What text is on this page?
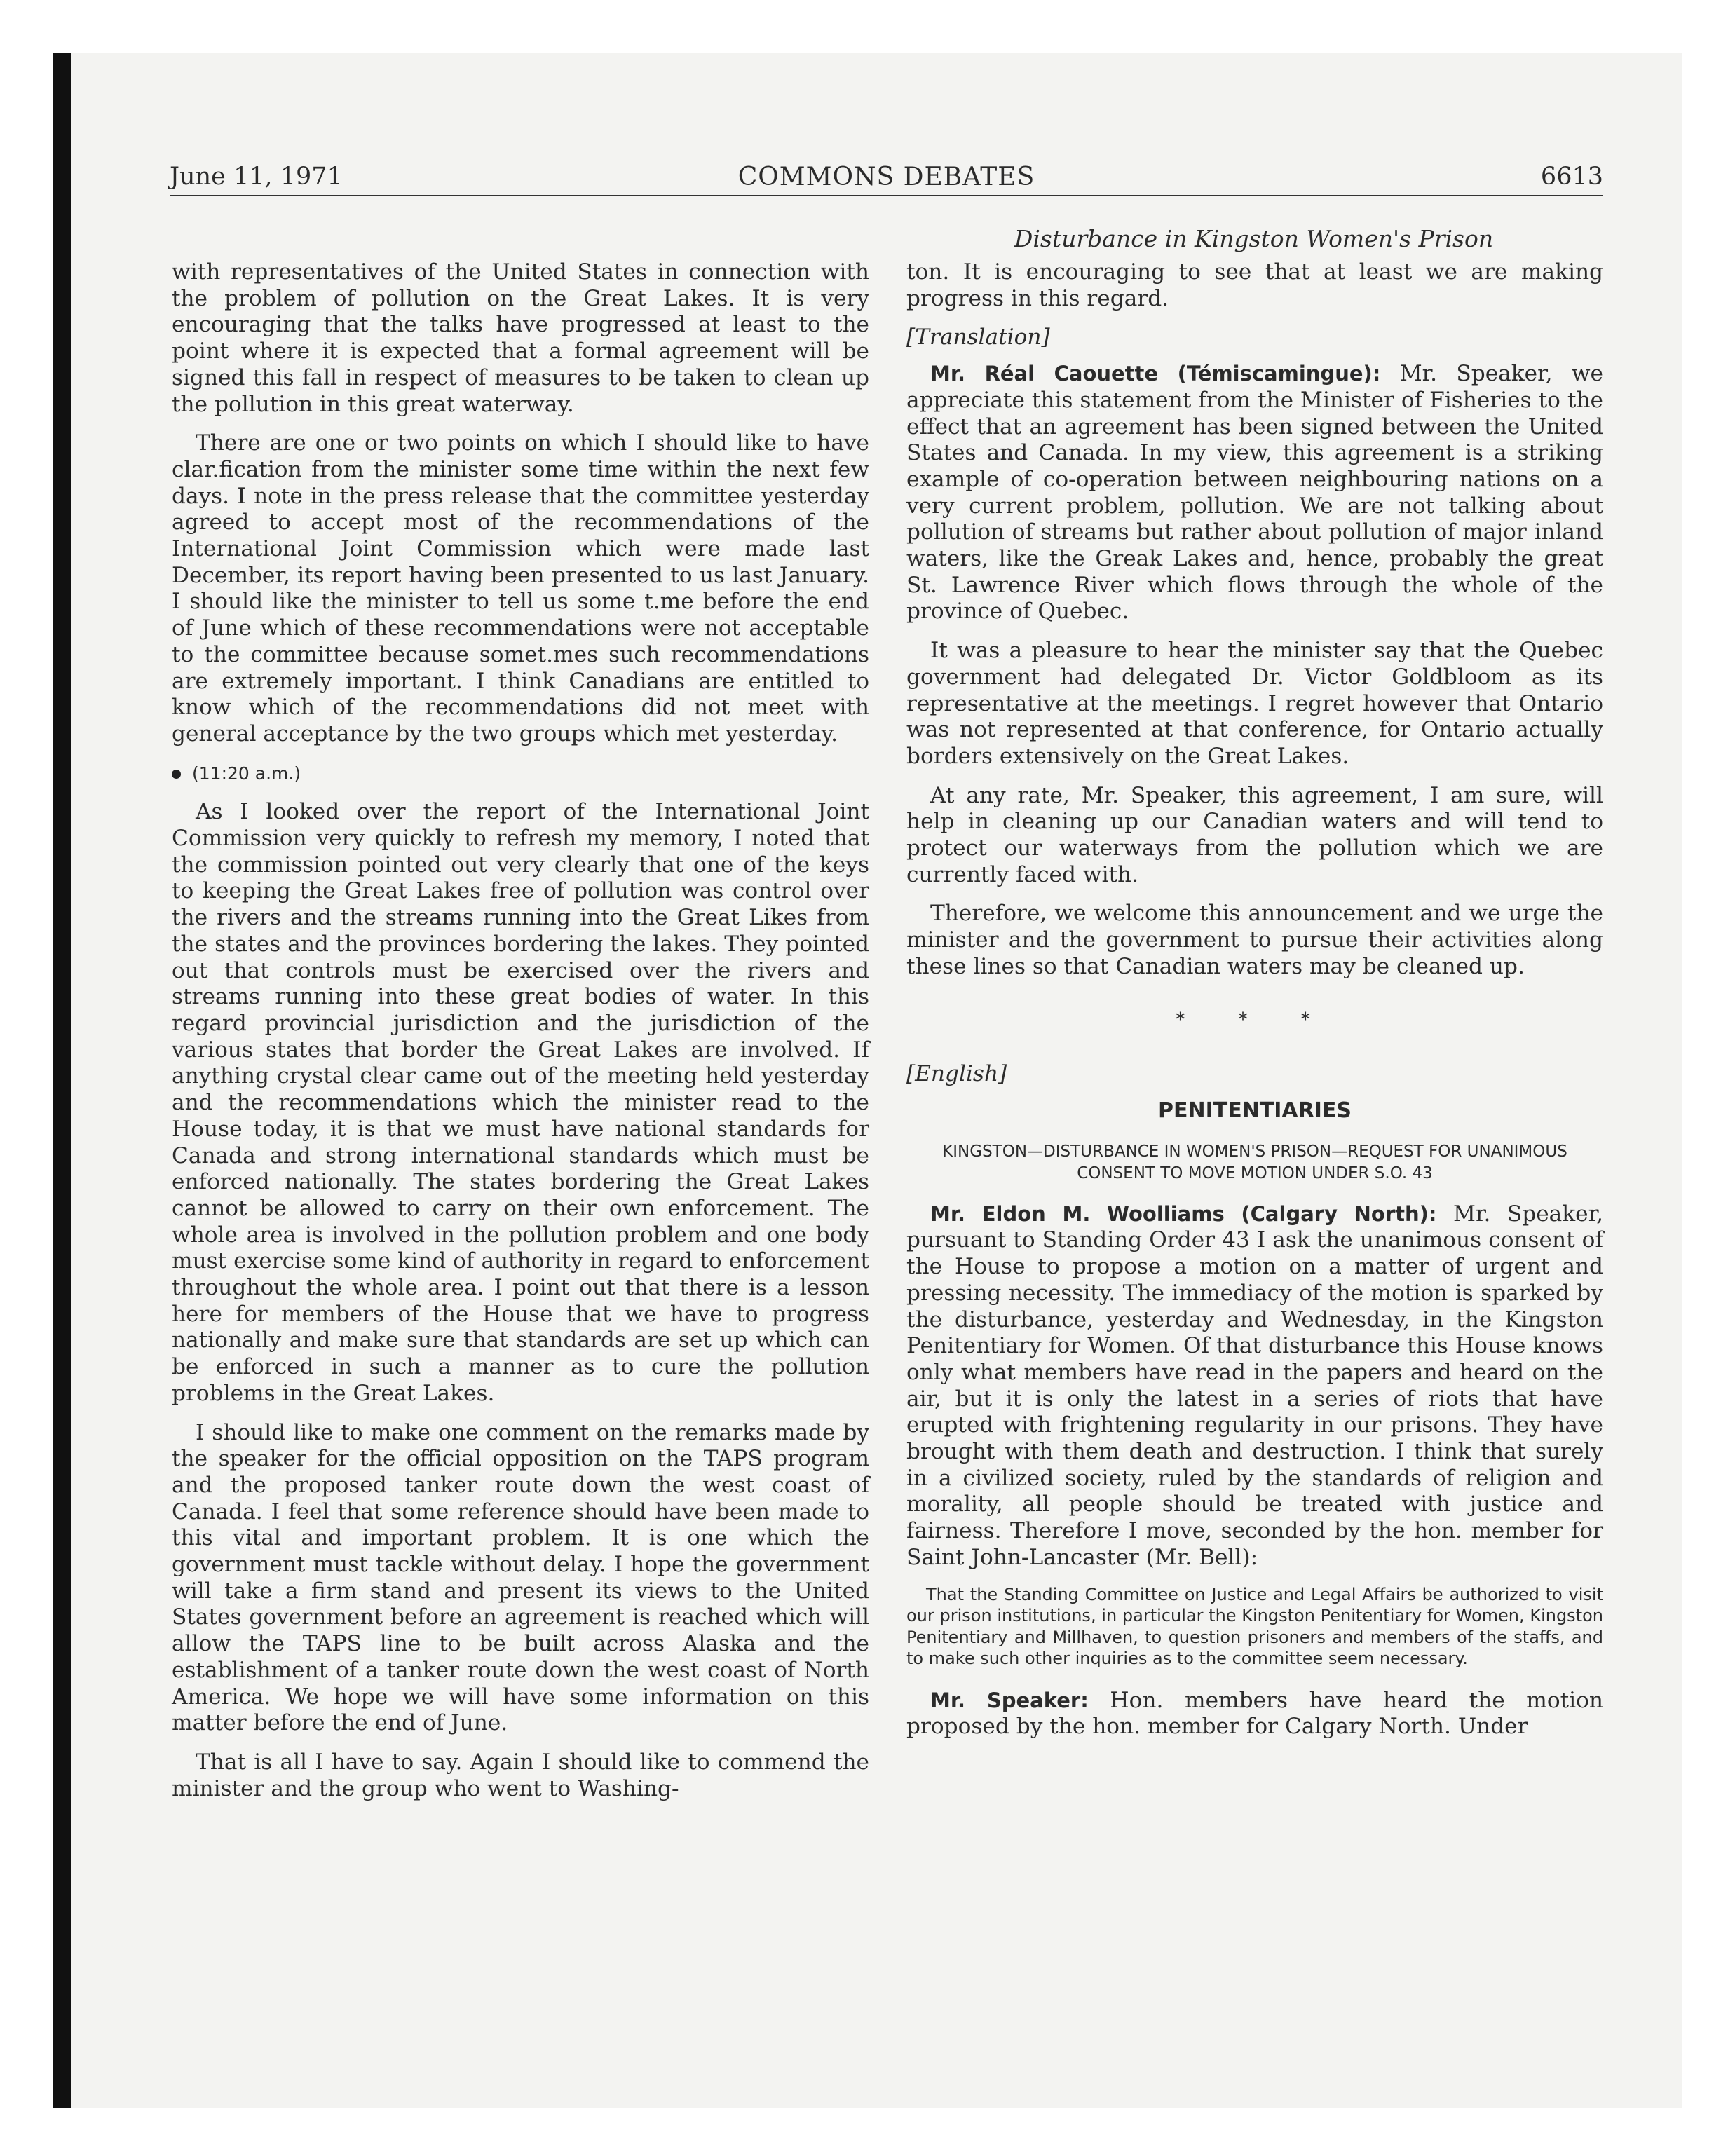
June 11, 1971	COMMONS DEBATES	6613
Disturbance in Kingston Women's Prison

with representatives of the United States in connection with the problem of pollution on the Great Lakes. It is very encouraging that the talks have progressed at least to the point where it is expected that a formal agreement will be signed this fall in respect of measures to be taken to clean up the pollution in this great waterway.

There are one or two points on which I should like to have clar.fication from the minister some time within the next few days. I note in the press release that the committee yesterday agreed to accept most of the recommendations of the International Joint Commission which were made last December, its report having been presented to us last January. I should like the minister to tell us some t.me before the end of June which of these recommendations were not acceptable to the committee because somet.mes such recommendations are extremely important. I think Canadians are entitled to know which of the recommendations did not meet with general acceptance by the two groups which met yesterday.

(11:20 a.m.)

As I looked over the report of the International Joint Commission very quickly to refresh my memory, I noted that the commission pointed out very clearly that one of the keys to keeping the Great Lakes free of pollution was control over the rivers and the streams running into the Great Likes from the states and the provinces bordering the lakes. They pointed out that controls must be exercised over the rivers and streams running into these great bodies of water. In this regard provincial jurisdiction and the jurisdiction of the various states that border the Great Lakes are involved. If anything crystal clear came out of the meeting held yesterday and the recommendations which the minister read to the House today, it is that we must have national standards for Canada and strong international standards which must be enforced nationally. The states bordering the Great Lakes cannot be allowed to carry on their own enforcement. The whole area is involved in the pollution problem and one body must exercise some kind of authority in regard to enforcement throughout the whole area. I point out that there is a lesson here for members of the House that we have to progress nationally and make sure that standards are set up which can be enforced in such a manner as to cure the pollution problems in the Great Lakes.

I should like to make one comment on the remarks made by the speaker for the official opposition on the TAPS program and the proposed tanker route down the west coast of Canada. I feel that some reference should have been made to this vital and important problem. It is one which the government must tackle without delay. I hope the government will take a firm stand and present its views to the United States government before an agreement is reached which will allow the TAPS line to be built across Alaska and the establishment of a tanker route down the west coast of North America. We hope we will have some information on this matter before the end of June.

That is all I have to say. Again I should like to commend the minister and the group who went to Washing-

ton. It is encouraging to see that at least we are making progress in this regard.

[Translation]

Mr. Réal Caouette (Témiscamingue): Mr. Speaker, we appreciate this statement from the Minister of Fisheries to the effect that an agreement has been signed between the United States and Canada. In my view, this agreement is a striking example of co-operation between neighbouring nations on a very current problem, pollution. We are not talking about pollution of streams but rather about pollution of major inland waters, like the Greak Lakes and, hence, probably the great St. Lawrence River which flows through the whole of the province of Quebec.

It was a pleasure to hear the minister say that the Quebec government had delegated Dr. Victor Goldbloom as its representative at the meetings. I regret however that Ontario was not represented at that conference, for Ontario actually borders extensively on the Great Lakes.

At any rate, Mr. Speaker, this agreement, I am sure, will help in cleaning up our Canadian waters and will tend to protect our waterways from the pollution which we are currently faced with.

Therefore, we welcome this announcement and we urge the minister and the government to pursue their activities along these lines so that Canadian waters may be cleaned up.

* * *
[English]
PENITENTIARIES
KINGSTON—DISTURBANCE IN WOMEN'S PRISON—REQUEST FOR UNANIMOUS CONSENT TO MOVE MOTION UNDER S.O. 43

Mr. Eldon M. Woolliams (Calgary North): Mr. Speaker, pursuant to Standing Order 43 I ask the unanimous consent of the House to propose a motion on a matter of urgent and pressing necessity. The immediacy of the motion is sparked by the disturbance, yesterday and Wednesday, in the Kingston Penitentiary for Women. Of that disturbance this House knows only what members have read in the papers and heard on the air, but it is only the latest in a series of riots that have erupted with frightening regularity in our prisons. They have brought with them death and destruction. I think that surely in a civilized society, ruled by the standards of religion and morality, all people should be treated with justice and fairness. Therefore I move, seconded by the hon. member for Saint John-Lancaster (Mr. Bell):

That the Standing Committee on Justice and Legal Affairs be authorized to visit our prison institutions, in particular the Kingston Penitentiary for Women, Kingston Penitentiary and Millhaven, to question prisoners and members of the staffs, and to make such other inquiries as to the committee seem necessary.

Mr. Speaker: Hon. members have heard the motion proposed by the hon. member for Calgary North. Under
